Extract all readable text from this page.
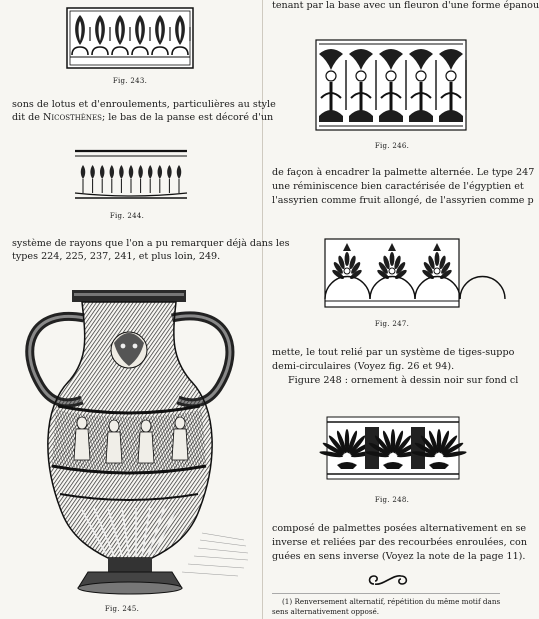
Fig. 243.
sons de lotus et d'enroulements, particulières au style
dit de Nicosthènes; le bas de la panse est décoré d'un
Fig. 244.
système de rayons que l'on a pu remarquer déjà dans les
types 224, 225, 237, 241, et plus loin, 249.
Fig. 245.
tenant par la base avec un fleuron d'une forme épanou
Fig. 246.
de façon à encadrer la palmette alternée. Le type 247
une réminiscence bien caractérisée de l'égyptien et
l'assyrien comme fruit allongé, de l'assyrien comme p
Fig. 247.
mette, le tout relié par un système de tiges-suppo
demi-circulaires (Voyez fig. 26 et 94).
Figure 248 : ornement à dessin noir sur fond cl
Fig. 248.
composé de palmettes posées alternativement en se
inverse et reliées par des recourbées enroulées, con
guées en sens inverse (Voyez la note de la page 11).
(1) Renversement alternatif, répétition du même motif dans
sens alternativement opposé.
